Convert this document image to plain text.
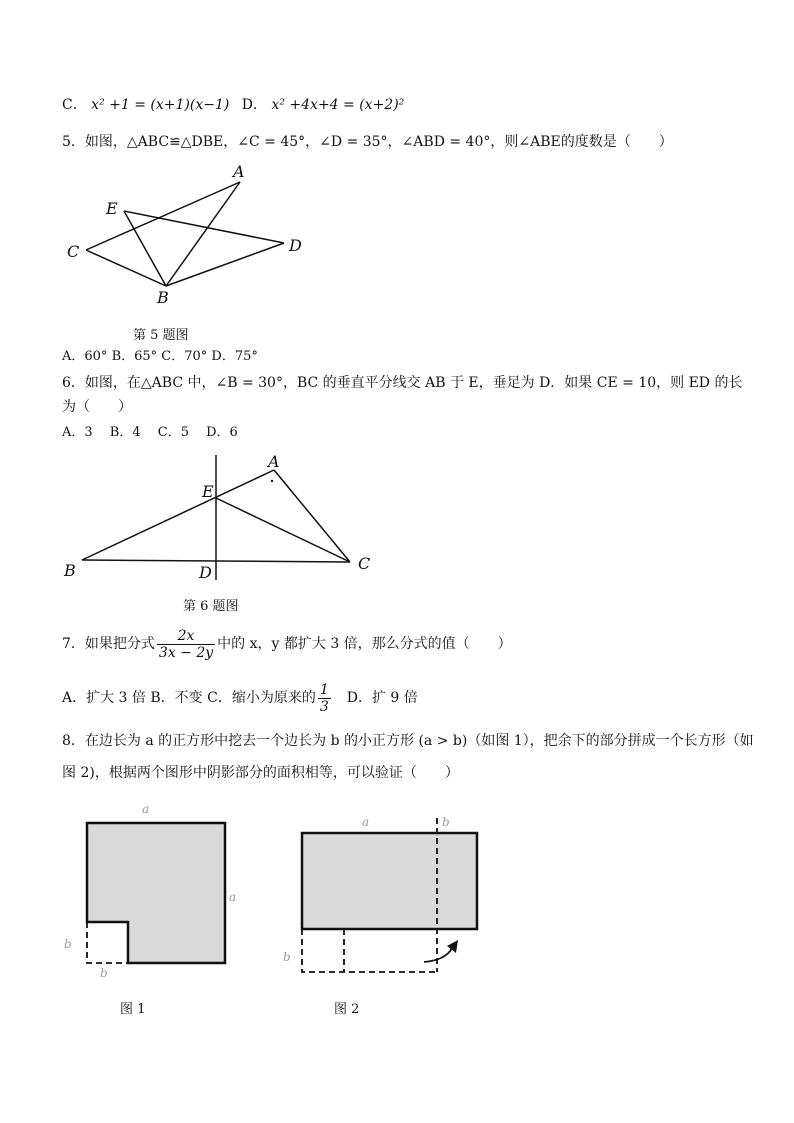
C． x² +1 = (x+1)(x−1) D． x² +4x+4 = (x+2)²
5．如图，△ABC≌△DBE，∠C = 45°，∠D = 35°，∠ABD = 40°，则∠ABE的度数是（　　）
A
B
C	D
E
第 5 题图
A．60° B．65° C．70° D．75°
6．如图，在△ABC 中，∠B = 30°，BC 的垂直平分线交 AB 于 E，垂足为 D．如果 CE = 10，则 ED 的长
为（　　）
A．3　 B．4　 C．5　 D．6
A
B	C
D
E
第 6 题图
7．如果把分式 $\frac{2x}{3x - 2y}$ 中的 x，y 都扩大 3 倍，那么分式的值（　　）
A．扩大 3 倍 B．不变 C．缩小为原来的 $\frac{1}{3}$ 　D．扩 9 倍
8．在边长为 a 的正方形中挖去一个边长为 b 的小正方形 (a > b)（如图 1），把余下的部分拼成一个长方形（如
图 2)，根据两个图形中阴影部分的面积相等，可以验证（　　）
a
a
b
b
图 1
a	b
b
图 2
